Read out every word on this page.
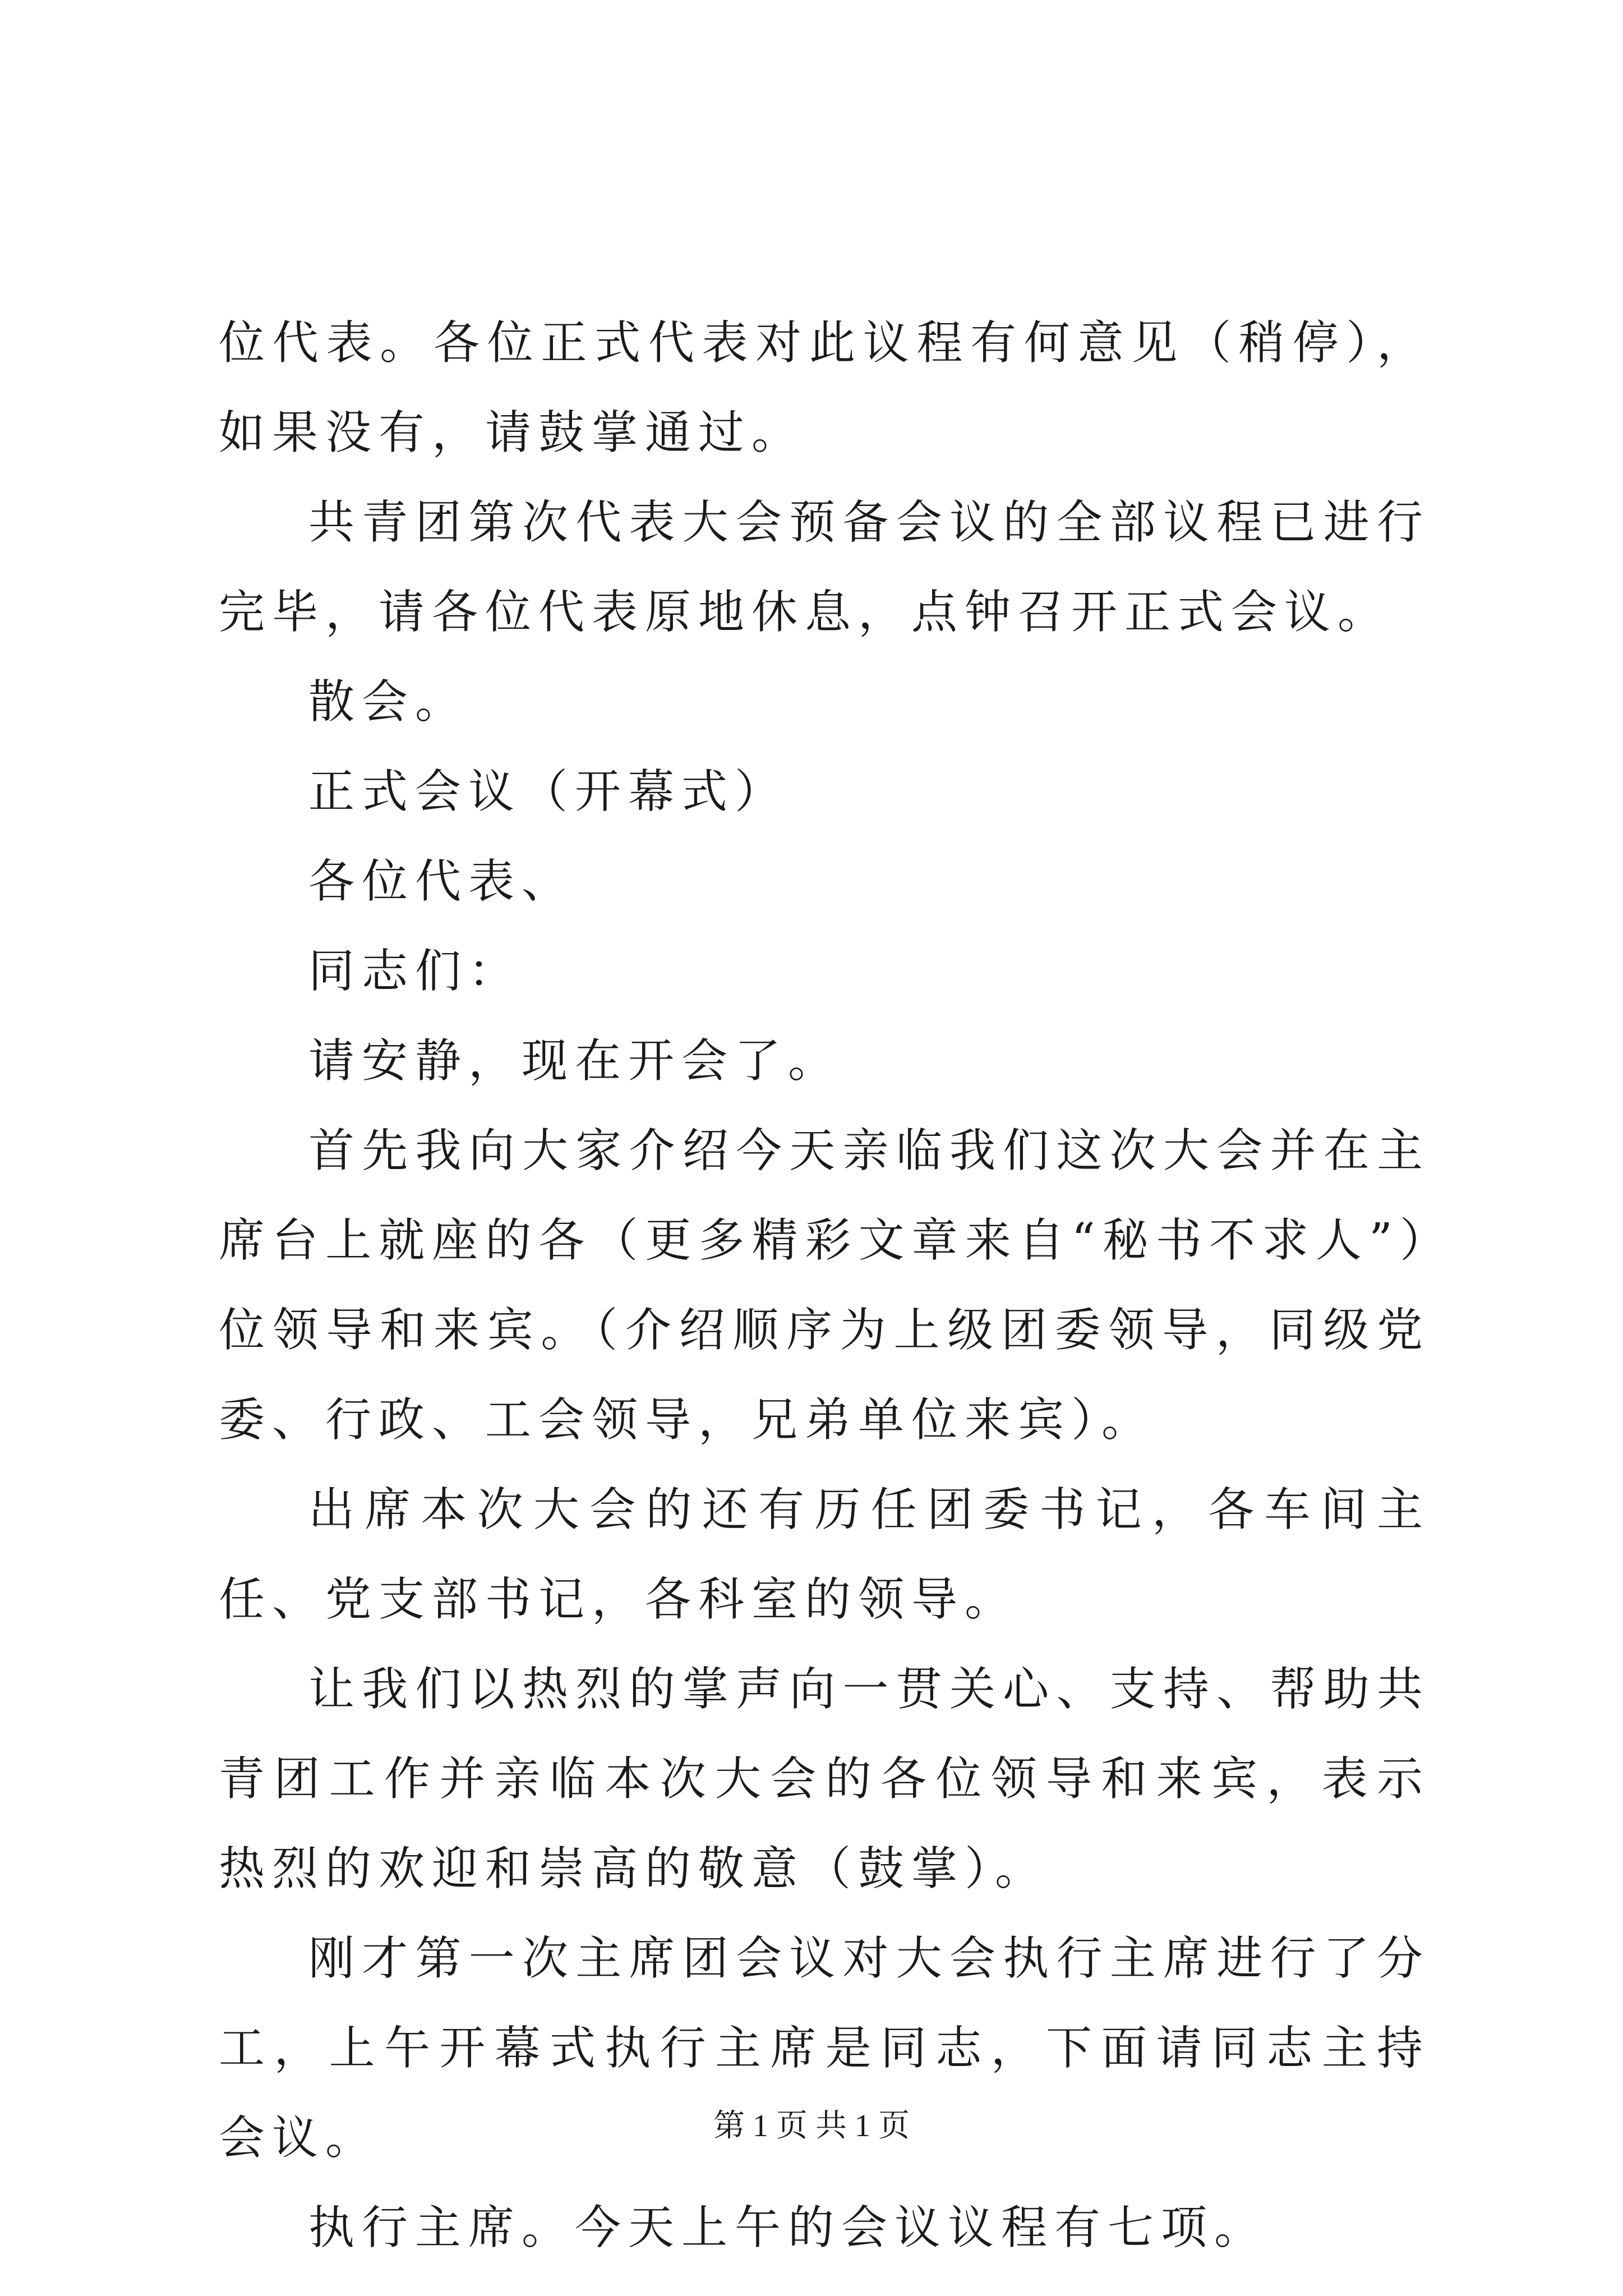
位代表。各位正式代表对此议程有何意见（稍停），如果没有，请鼓掌通过。

共青团第次代表大会预备会议的全部议程已进行完毕，请各位代表原地休息，点钟召开正式会议。

散会。

正式会议（开幕式）

各位代表、

同志们：

请安静，现在开会了。

首先我向大家介绍今天亲临我们这次大会并在主席台上就座的各（更多精彩文章来自“秘书不求人”）位领导和来宾。（介绍顺序为上级团委领导，同级党委、行政、工会领导，兄弟单位来宾）。

出席本次大会的还有历任团委书记，各车间主任、党支部书记，各科室的领导。

让我们以热烈的掌声向一贯关心、支持、帮助共青团工作并亲临本次大会的各位领导和来宾，表示热烈的欢迎和崇高的敬意（鼓掌）。

刚才第一次主席团会议对大会执行主席进行了分工，上午开幕式执行主席是同志，下面请同志主持会议。

执行主席。今天上午的会议议程有七项。

第 1 页 共 1 页
